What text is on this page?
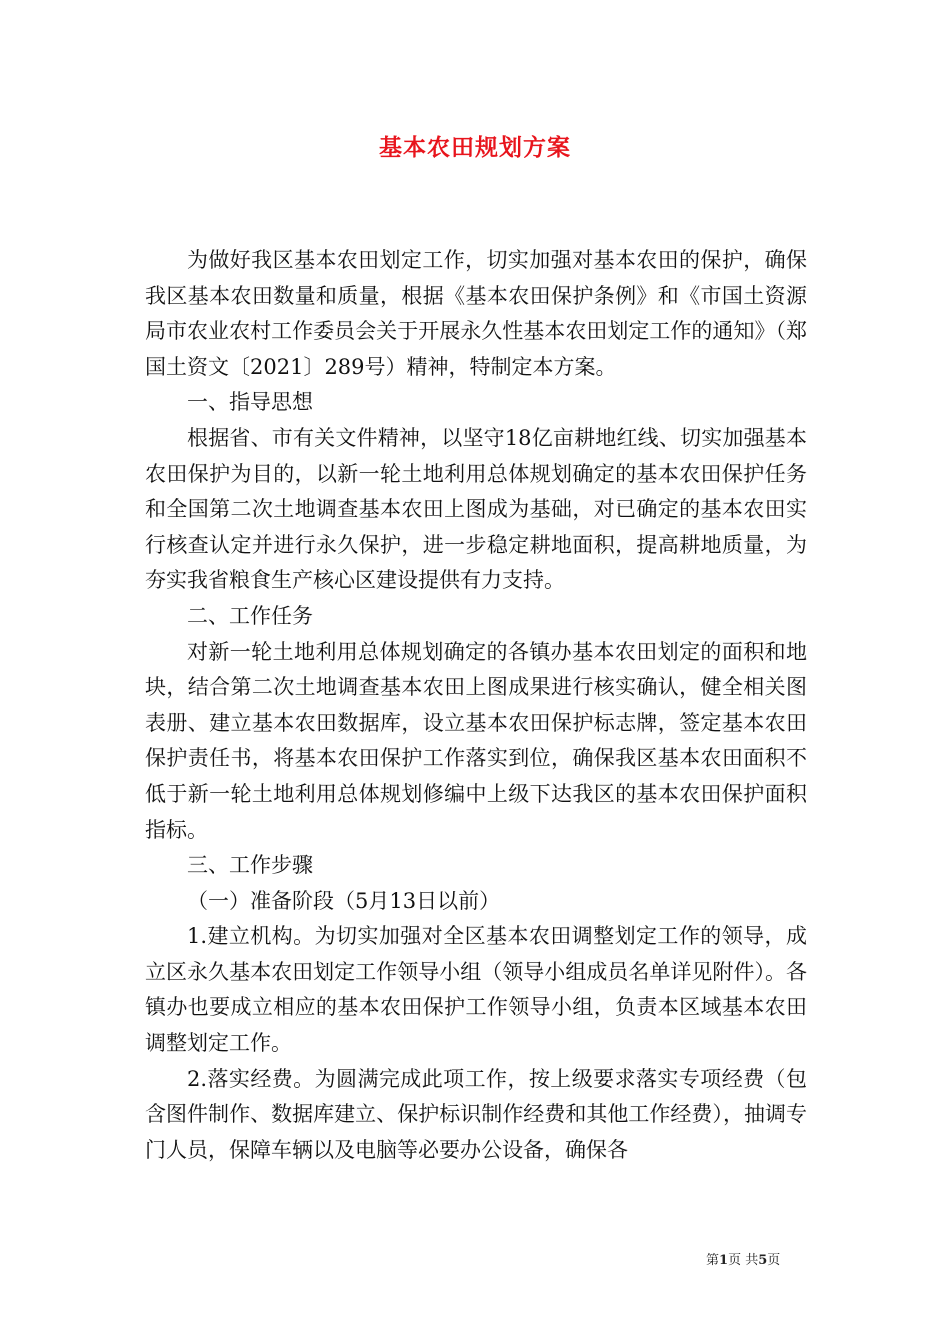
基本农田规划方案

为做好我区基本农田划定工作，切实加强对基本农田的保护，确保我区基本农田数量和质量，根据《基本农田保护条例》和《市国土资源局市农业农村工作委员会关于开展永久性基本农田划定工作的通知》（郑国土资文〔2021〕289号）精神，特制定本方案。

一、指导思想

根据省、市有关文件精神，以坚守18亿亩耕地红线、切实加强基本农田保护为目的，以新一轮土地利用总体规划确定的基本农田保护任务和全国第二次土地调查基本农田上图成为基础，对已确定的基本农田实行核查认定并进行永久保护，进一步稳定耕地面积，提高耕地质量，为夯实我省粮食生产核心区建设提供有力支持。

二、工作任务

对新一轮土地利用总体规划确定的各镇办基本农田划定的面积和地块，结合第二次土地调查基本农田上图成果进行核实确认，健全相关图表册、建立基本农田数据库，设立基本农田保护标志牌，签定基本农田保护责任书，将基本农田保护工作落实到位，确保我区基本农田面积不低于新一轮土地利用总体规划修编中上级下达我区的基本农田保护面积指标。

三、工作步骤

（一）准备阶段（5月13日以前）

1.建立机构。为切实加强对全区基本农田调整划定工作的领导，成立区永久基本农田划定工作领导小组（领导小组成员名单详见附件）。各镇办也要成立相应的基本农田保护工作领导小组，负责本区域基本农田调整划定工作。

2.落实经费。为圆满完成此项工作，按上级要求落实专项经费（包含图件制作、数据库建立、保护标识制作经费和其他工作经费），抽调专门人员，保障车辆以及电脑等必要办公设备，确保各

第1页 共5页
